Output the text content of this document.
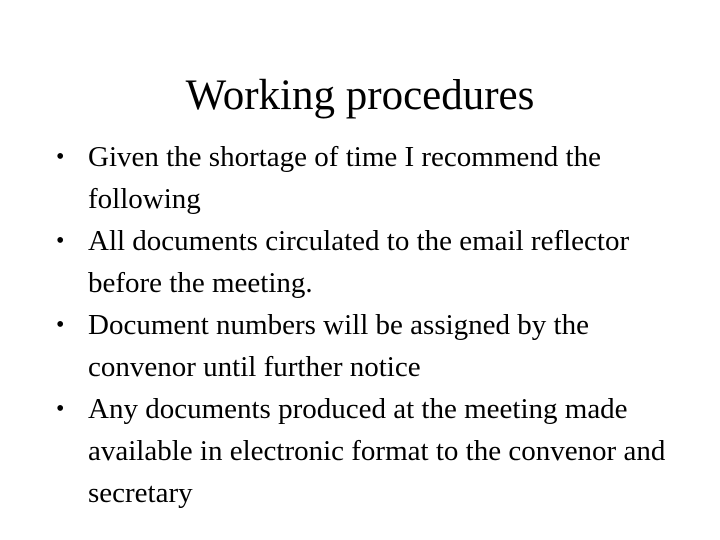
Working procedures
• Given the shortage of time I recommend the following
• All documents circulated to the email reflector before the meeting.
• Document numbers will be assigned by the convenor until further notice
• Any documents produced at the meeting made available in electronic format to the convenor and secretary
